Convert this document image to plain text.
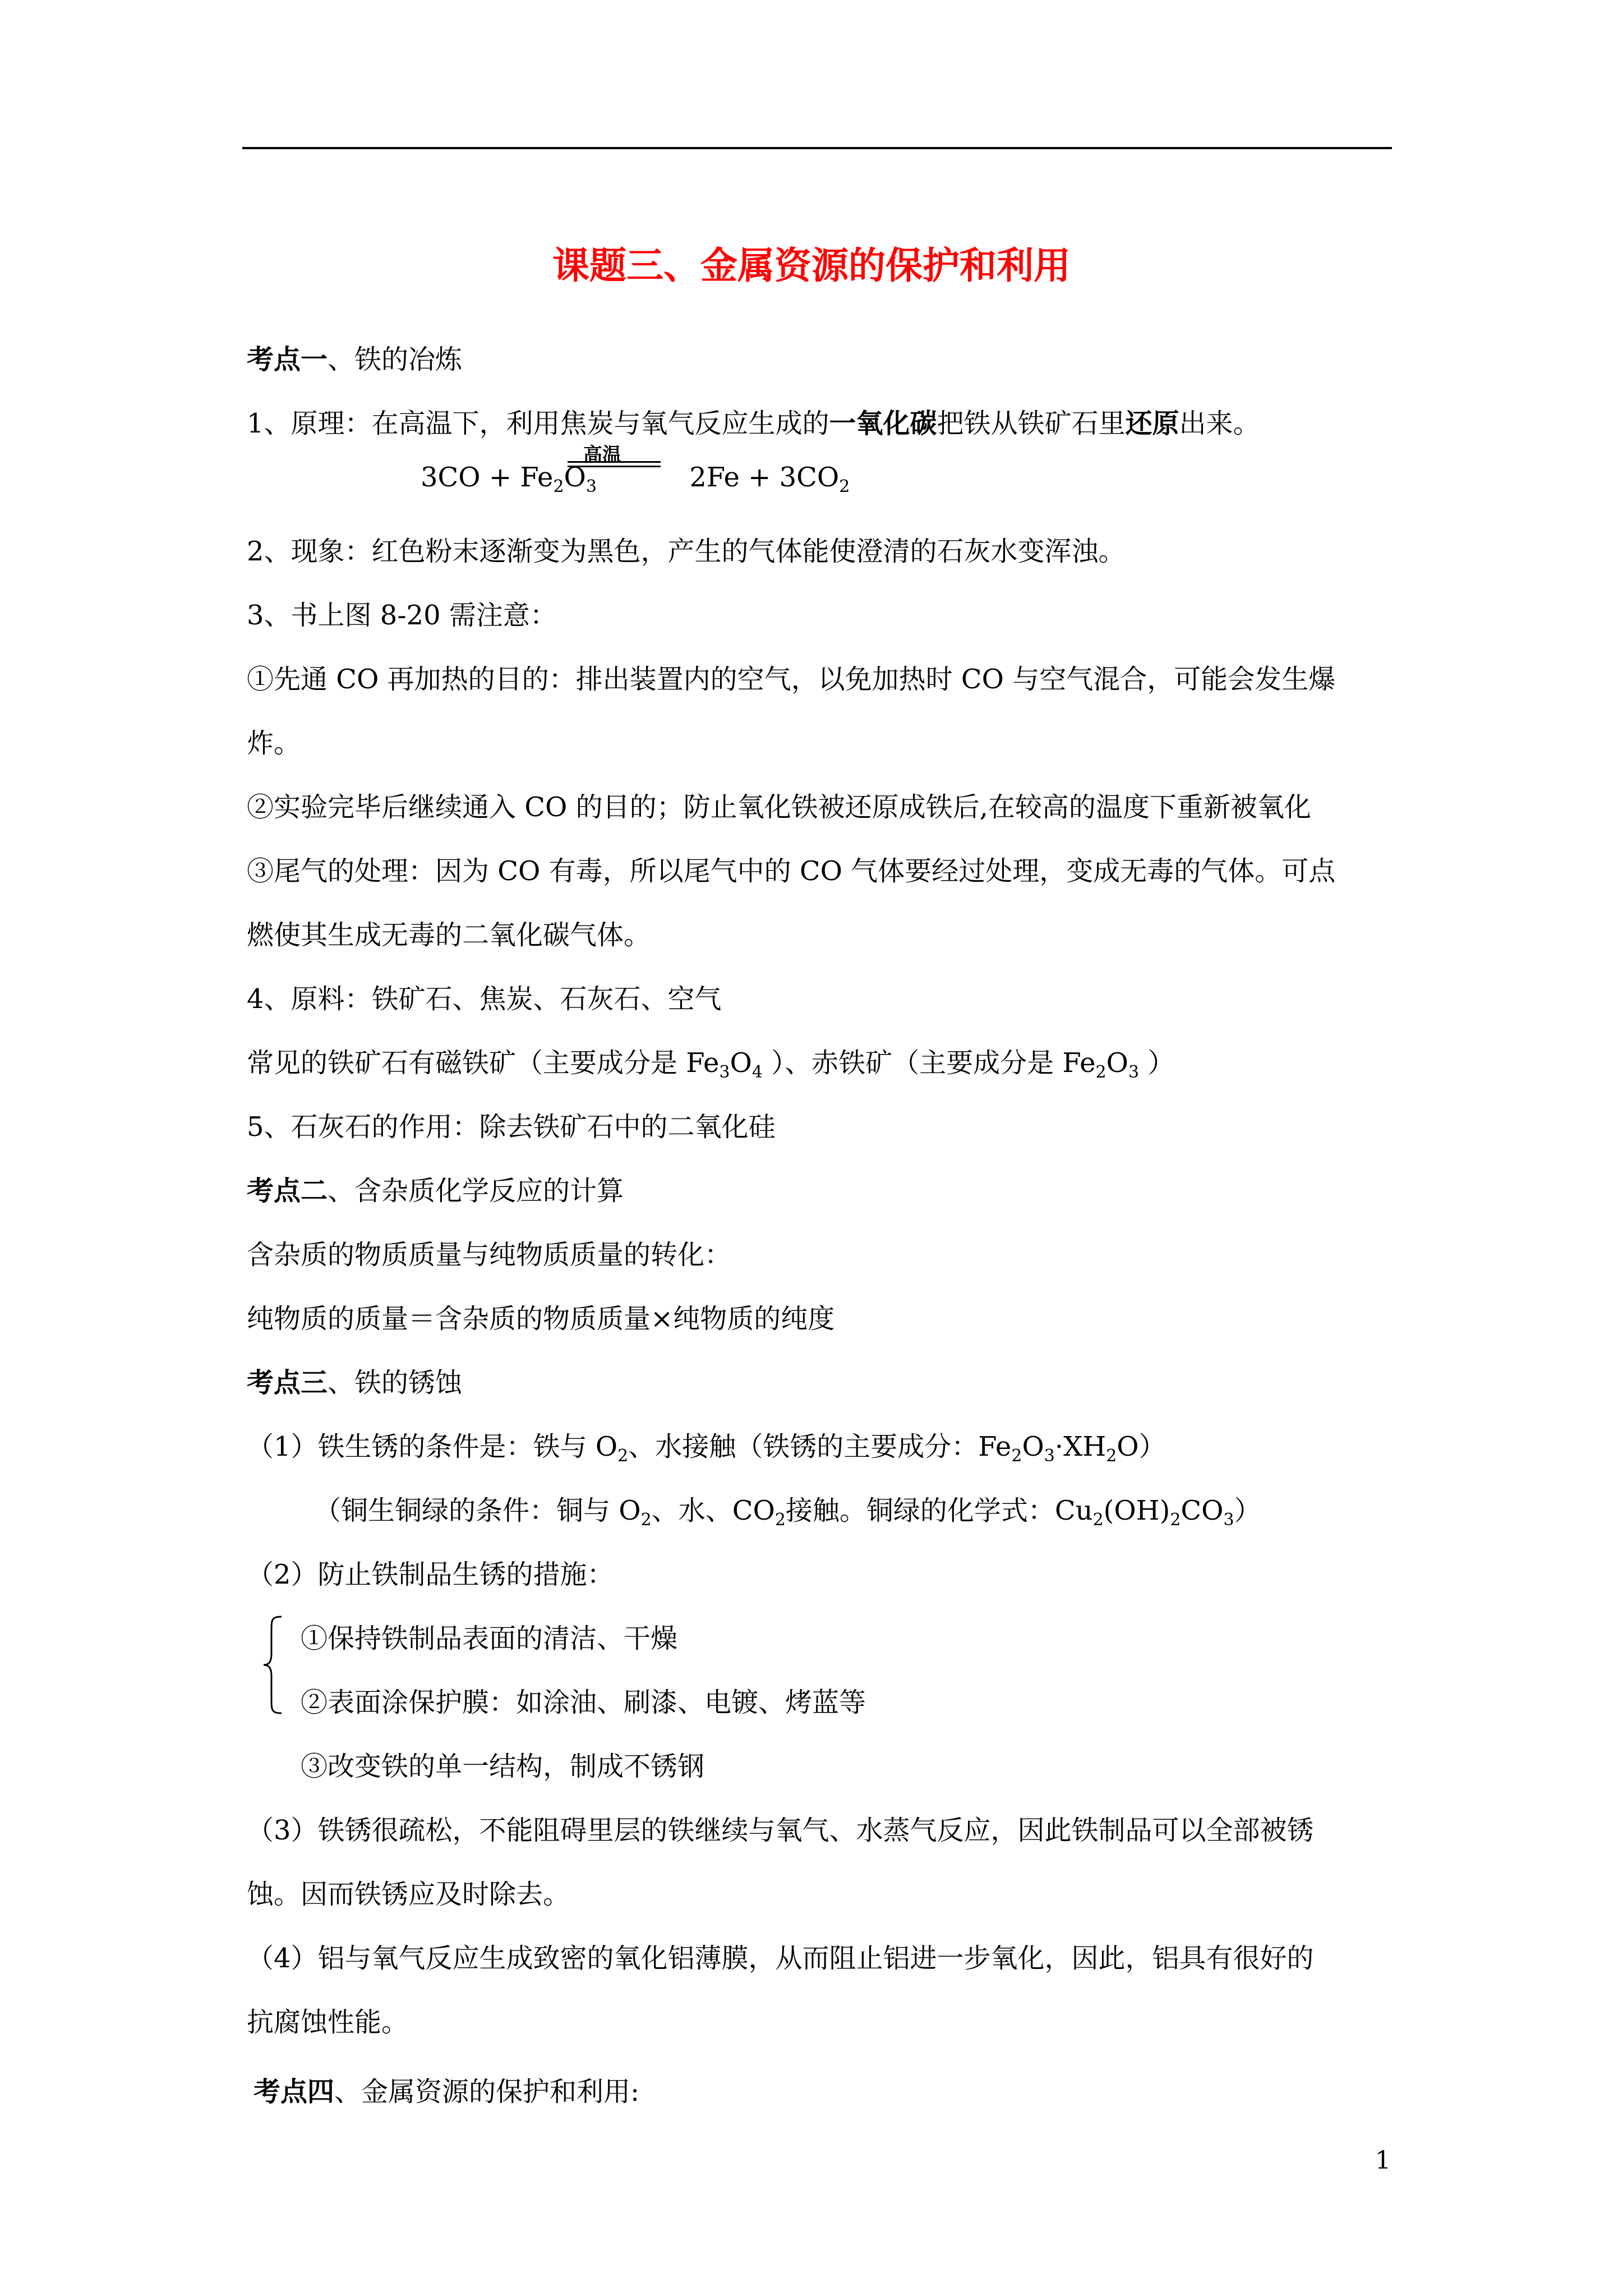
课题三、金属资源的保护和利用
考点一、铁的冶炼
1、原理：在高温下，利用焦炭与氧气反应生成的一氧化碳把铁从铁矿石里还原出来。
$3CO + Fe_2O_3$
高温
$2Fe + 3CO_2$
2、现象：红色粉末逐渐变为黑色，产生的气体能使澄清的石灰水变浑浊。
3、书上图 8-20 需注意：
①先通 CO 再加热的目的：排出装置内的空气，以免加热时 CO 与空气混合，可能会发生爆
炸。
②实验完毕后继续通入 CO 的目的；防止氧化铁被还原成铁后,在较高的温度下重新被氧化
③尾气的处理：因为 CO 有毒，所以尾气中的 CO 气体要经过处理，变成无毒的气体。可点
燃使其生成无毒的二氧化碳气体。
4、原料：铁矿石、焦炭、石灰石、空气
常见的铁矿石有磁铁矿（主要成分是 $Fe_3O_4$ ）、赤铁矿（主要成分是 $Fe_2O_3$ ）
5、石灰石的作用：除去铁矿石中的二氧化硅
考点二、含杂质化学反应的计算
含杂质的物质质量与纯物质质量的转化：
纯物质的质量＝含杂质的物质质量×纯物质的纯度
考点三、铁的锈蚀
（1）铁生锈的条件是：铁与 $O_2$、水接触（铁锈的主要成分：$Fe_2O_3\cdot XH_2O$）
（铜生铜绿的条件：铜与 $O_2$、水、$CO_2$接触。铜绿的化学式：$Cu_2(OH)_2CO_3$）
（2）防止铁制品生锈的措施：
①保持铁制品表面的清洁、干燥
②表面涂保护膜：如涂油、刷漆、电镀、烤蓝等
③改变铁的单一结构，制成不锈钢
（3）铁锈很疏松，不能阻碍里层的铁继续与氧气、水蒸气反应，因此铁制品可以全部被锈
蚀。因而铁锈应及时除去。
（4）铝与氧气反应生成致密的氧化铝薄膜，从而阻止铝进一步氧化，因此，铝具有很好的
抗腐蚀性能。
考点四、金属资源的保护和利用:
1
